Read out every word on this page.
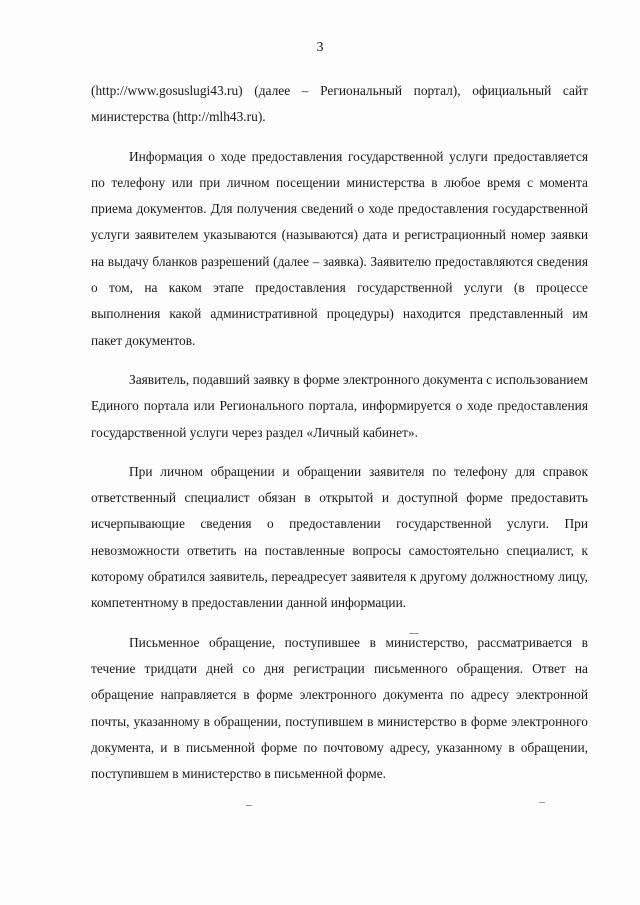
3

(http://www.gosuslugi43.ru) (далее – Региональный портал), официальный сайт министерства (http://mlh43.ru).

Информация о ходе предоставления государственной услуги предоставляется по телефону или при личном посещении министерства в любое время с момента приема документов. Для получения сведений о ходе предоставления государственной услуги заявителем указываются (называются) дата и регистрационный номер заявки на выдачу бланков разрешений (далее – заявка). Заявителю предоставляются сведения о том, на каком этапе предоставления государственной услуги (в процессе выполнения какой административной процедуры) находится представленный им пакет документов.

Заявитель, подавший заявку в форме электронного документа с использованием Единого портала или Регионального портала, информируется о ходе предоставления государственной услуги через раздел «Личный кабинет».

При личном обращении и обращении заявителя по телефону для справок ответственный специалист обязан в открытой и доступной форме предоставить исчерпывающие сведения о предоставлении государственной услуги. При невозможности ответить на поставленные вопросы самостоятельно специалист, к которому обратился заявитель, переадресует заявителя к другому должностному лицу, компетентному в предоставлении данной информации.

Письменное обращение, поступившее в министерство, рассматривается в течение тридцати дней со дня регистрации письменного обращения. Ответ на обращение направляется в форме электронного документа по адресу электронной почты, указанному в обращении, поступившем в министерство в форме электронного документа, и в письменной форме по почтовому адресу, указанному в обращении, поступившем в министерство в письменной форме.
